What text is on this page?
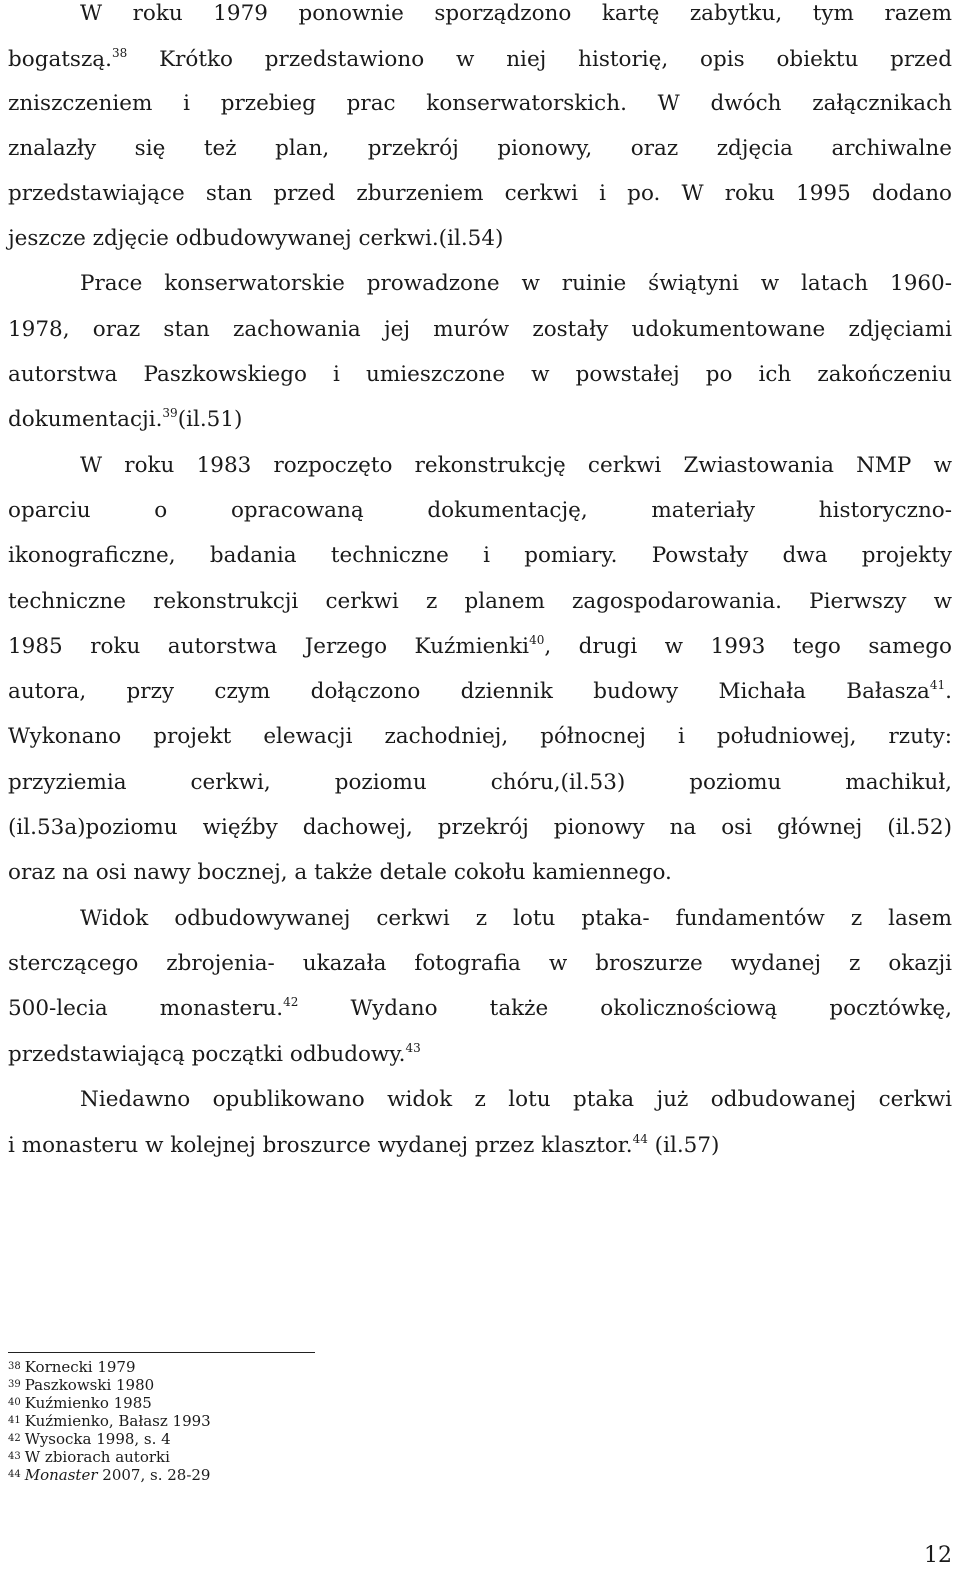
W roku 1979 ponownie sporządzono kartę zabytku, tym razem

bogatszą.$^{38}$ Krótko przedstawiono w niej historię, opis obiektu przed

zniszczeniem i przebieg prac konserwatorskich. W dwóch załącznikach

znalazły się też plan, przekrój pionowy, oraz zdjęcia archiwalne

przedstawiające stan przed zburzeniem cerkwi i po. W roku 1995 dodano

jeszcze zdjęcie odbudowywanej cerkwi.(il.54)

Prace konserwatorskie prowadzone w ruinie świątyni w latach 1960-

1978, oraz stan zachowania jej murów zostały udokumentowane zdjęciami

autorstwa Paszkowskiego i umieszczone w powstałej po ich zakończeniu

dokumentacji.$^{39}$(il.51)

W roku 1983 rozpoczęto rekonstrukcję cerkwi Zwiastowania NMP w

oparciu o opracowaną dokumentację, materiały historyczno-

ikonograficzne, badania techniczne i pomiary. Powstały dwa projekty

techniczne rekonstrukcji cerkwi z planem zagospodarowania. Pierwszy w

1985 roku autorstwa Jerzego Kuźmienki$^{40}$, drugi w 1993 tego samego

autora, przy czym dołączono dziennik budowy Michała Bałasza$^{41}$.

Wykonano projekt elewacji zachodniej, północnej i południowej, rzuty:

przyziemia cerkwi, poziomu chóru,(il.53) poziomu machikuł,

(il.53a)poziomu więźby dachowej, przekrój pionowy na osi głównej (il.52)

oraz na osi nawy bocznej, a także detale cokołu kamiennego.

Widok odbudowywanej cerkwi z lotu ptaka- fundamentów z lasem

sterczącego zbrojenia- ukazała fotografia w broszurze wydanej z okazji

500-lecia monasteru.$^{42}$ Wydano także okolicznościową pocztówkę,

przedstawiającą początki odbudowy.$^{43}$

Niedawno opublikowano widok z lotu ptaka już odbudowanej cerkwi

i monasteru w kolejnej broszurce wydanej przez klasztor.$^{44}$ (il.57)

$^{38}$ Kornecki 1979
$^{39}$ Paszkowski 1980
$^{40}$ Kuźmienko 1985
$^{41}$ Kuźmienko, Bałasz 1993
$^{42}$ Wysocka 1998, s. 4
$^{43}$ W zbiorach autorki
$^{44}$ Monaster 2007, s. 28-29
12
